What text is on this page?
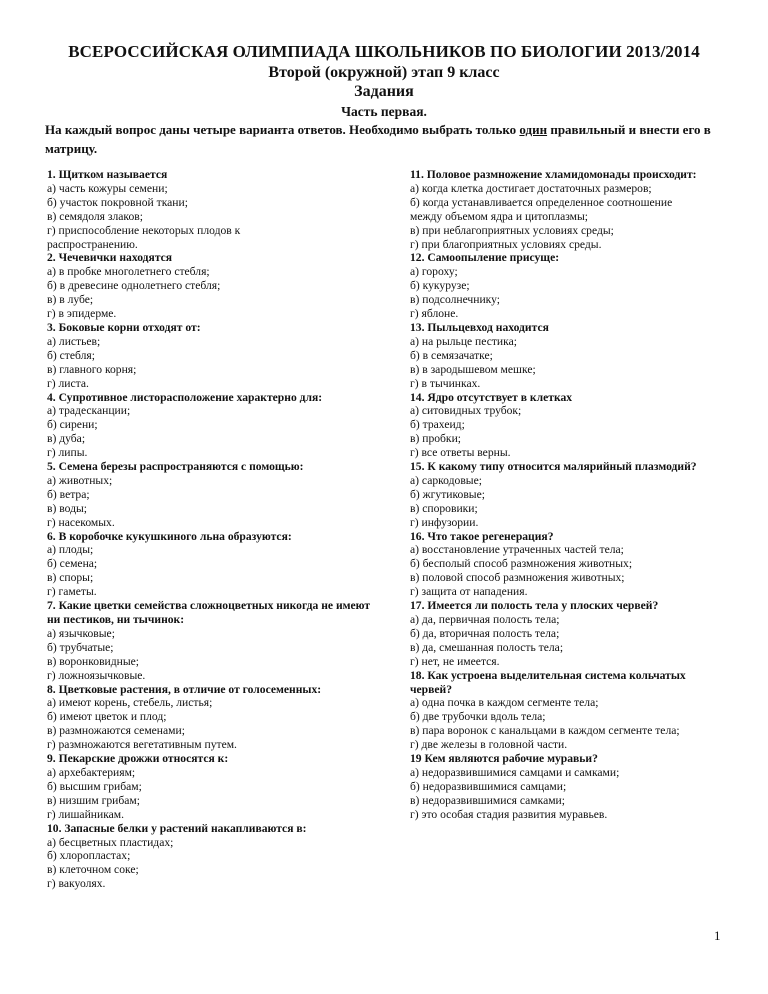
ВСЕРОССИЙСКАЯ ОЛИМПИАДА ШКОЛЬНИКОВ ПО БИОЛОГИИ 2013/2014
Второй (окружной) этап 9 класс
Задания
Часть первая.
На каждый вопрос даны четыре варианта ответов. Необходимо выбрать только один правильный и внести его в матрицу.
1. Щитком называется
а) часть кожуры семени;
б) участок покровной ткани;
в) семядоля злаков;
г) приспособление некоторых плодов к
распространению.
2. Чечевички находятся
а) в пробке многолетнего стебля;
б) в древесине однолетнего стебля;
в) в лубе;
г) в эпидерме.
3. Боковые корни отходят от:
а) листьев;
б) стебля;
в) главного корня;
г) листа.
4. Супротивное листорасположение характерно для:
а) традесканции;
б) сирени;
в) дуба;
г) липы.
5. Семена березы распространяются с помощью:
а) животных;
б) ветра;
в) воды;
г) насекомых.
6. В коробочке кукушкиного льна образуются:
а) плоды;
б) семена;
в) споры;
г) гаметы.
7. Какие цветки семейства сложноцветных никогда не имеют ни пестиков, ни тычинок:
а) язычковые;
б) трубчатые;
в) воронковидные;
г) ложноязычковые.
8. Цветковые растения, в отличие от голосеменных:
а) имеют корень, стебель, листья;
б) имеют цветок и плод;
в) размножаются семенами;
г) размножаются вегетативным путем.
9. Пекарские дрожжи относятся к:
а) архебактериям;
б) высшим грибам;
в) низшим грибам;
г) лишайникам.
10. Запасные белки у растений накапливаются в:
а) бесцветных пластидах;
б) хлоропластах;
в) клеточном соке;
г) вакуолях.
11. Половое размножение хламидомонады происходит:
а) когда клетка достигает достаточных размеров;
б) когда устанавливается определенное соотношение
между объемом ядра и цитоплазмы;
в) при неблагоприятных условиях среды;
г) при благоприятных условиях среды.
12. Самоопыление присуще:
а) гороху;
б) кукурузе;
в) подсолнечнику;
г) яблоне.
13. Пыльцевход находится
а) на рыльце пестика;
б) в семязачатке;
в) в зародышевом мешке;
г) в тычинках.
14. Ядро отсутствует в клетках
а) ситовидных трубок;
б) трахеид;
в) пробки;
г) все ответы верны.
15. К какому типу относится малярийный плазмодий?
а) саркодовые;
б) жгутиковые;
в) споровики;
г) инфузории.
16. Что такое регенерация?
а) восстановление утраченных частей тела;
б) бесполый способ размножения животных;
в) половой способ размножения животных;
г) защита от нападения.
17. Имеется ли полость тела у плоских червей?
а) да, первичная полость тела;
б) да, вторичная полость тела;
в) да, смешанная полость тела;
г) нет, не имеется.
18. Как устроена выделительная система кольчатых червей?
а) одна почка в каждом сегменте тела;
б) две трубочки вдоль тела;
в) пара воронок с канальцами в каждом сегменте тела;
г) две железы в головной части.
19 Кем являются рабочие муравьи?
а) недоразвившимися самцами и самками;
б) недоразвившимися самцами;
в) недоразвившимися самками;
г) это особая стадия развития муравьев.
1
